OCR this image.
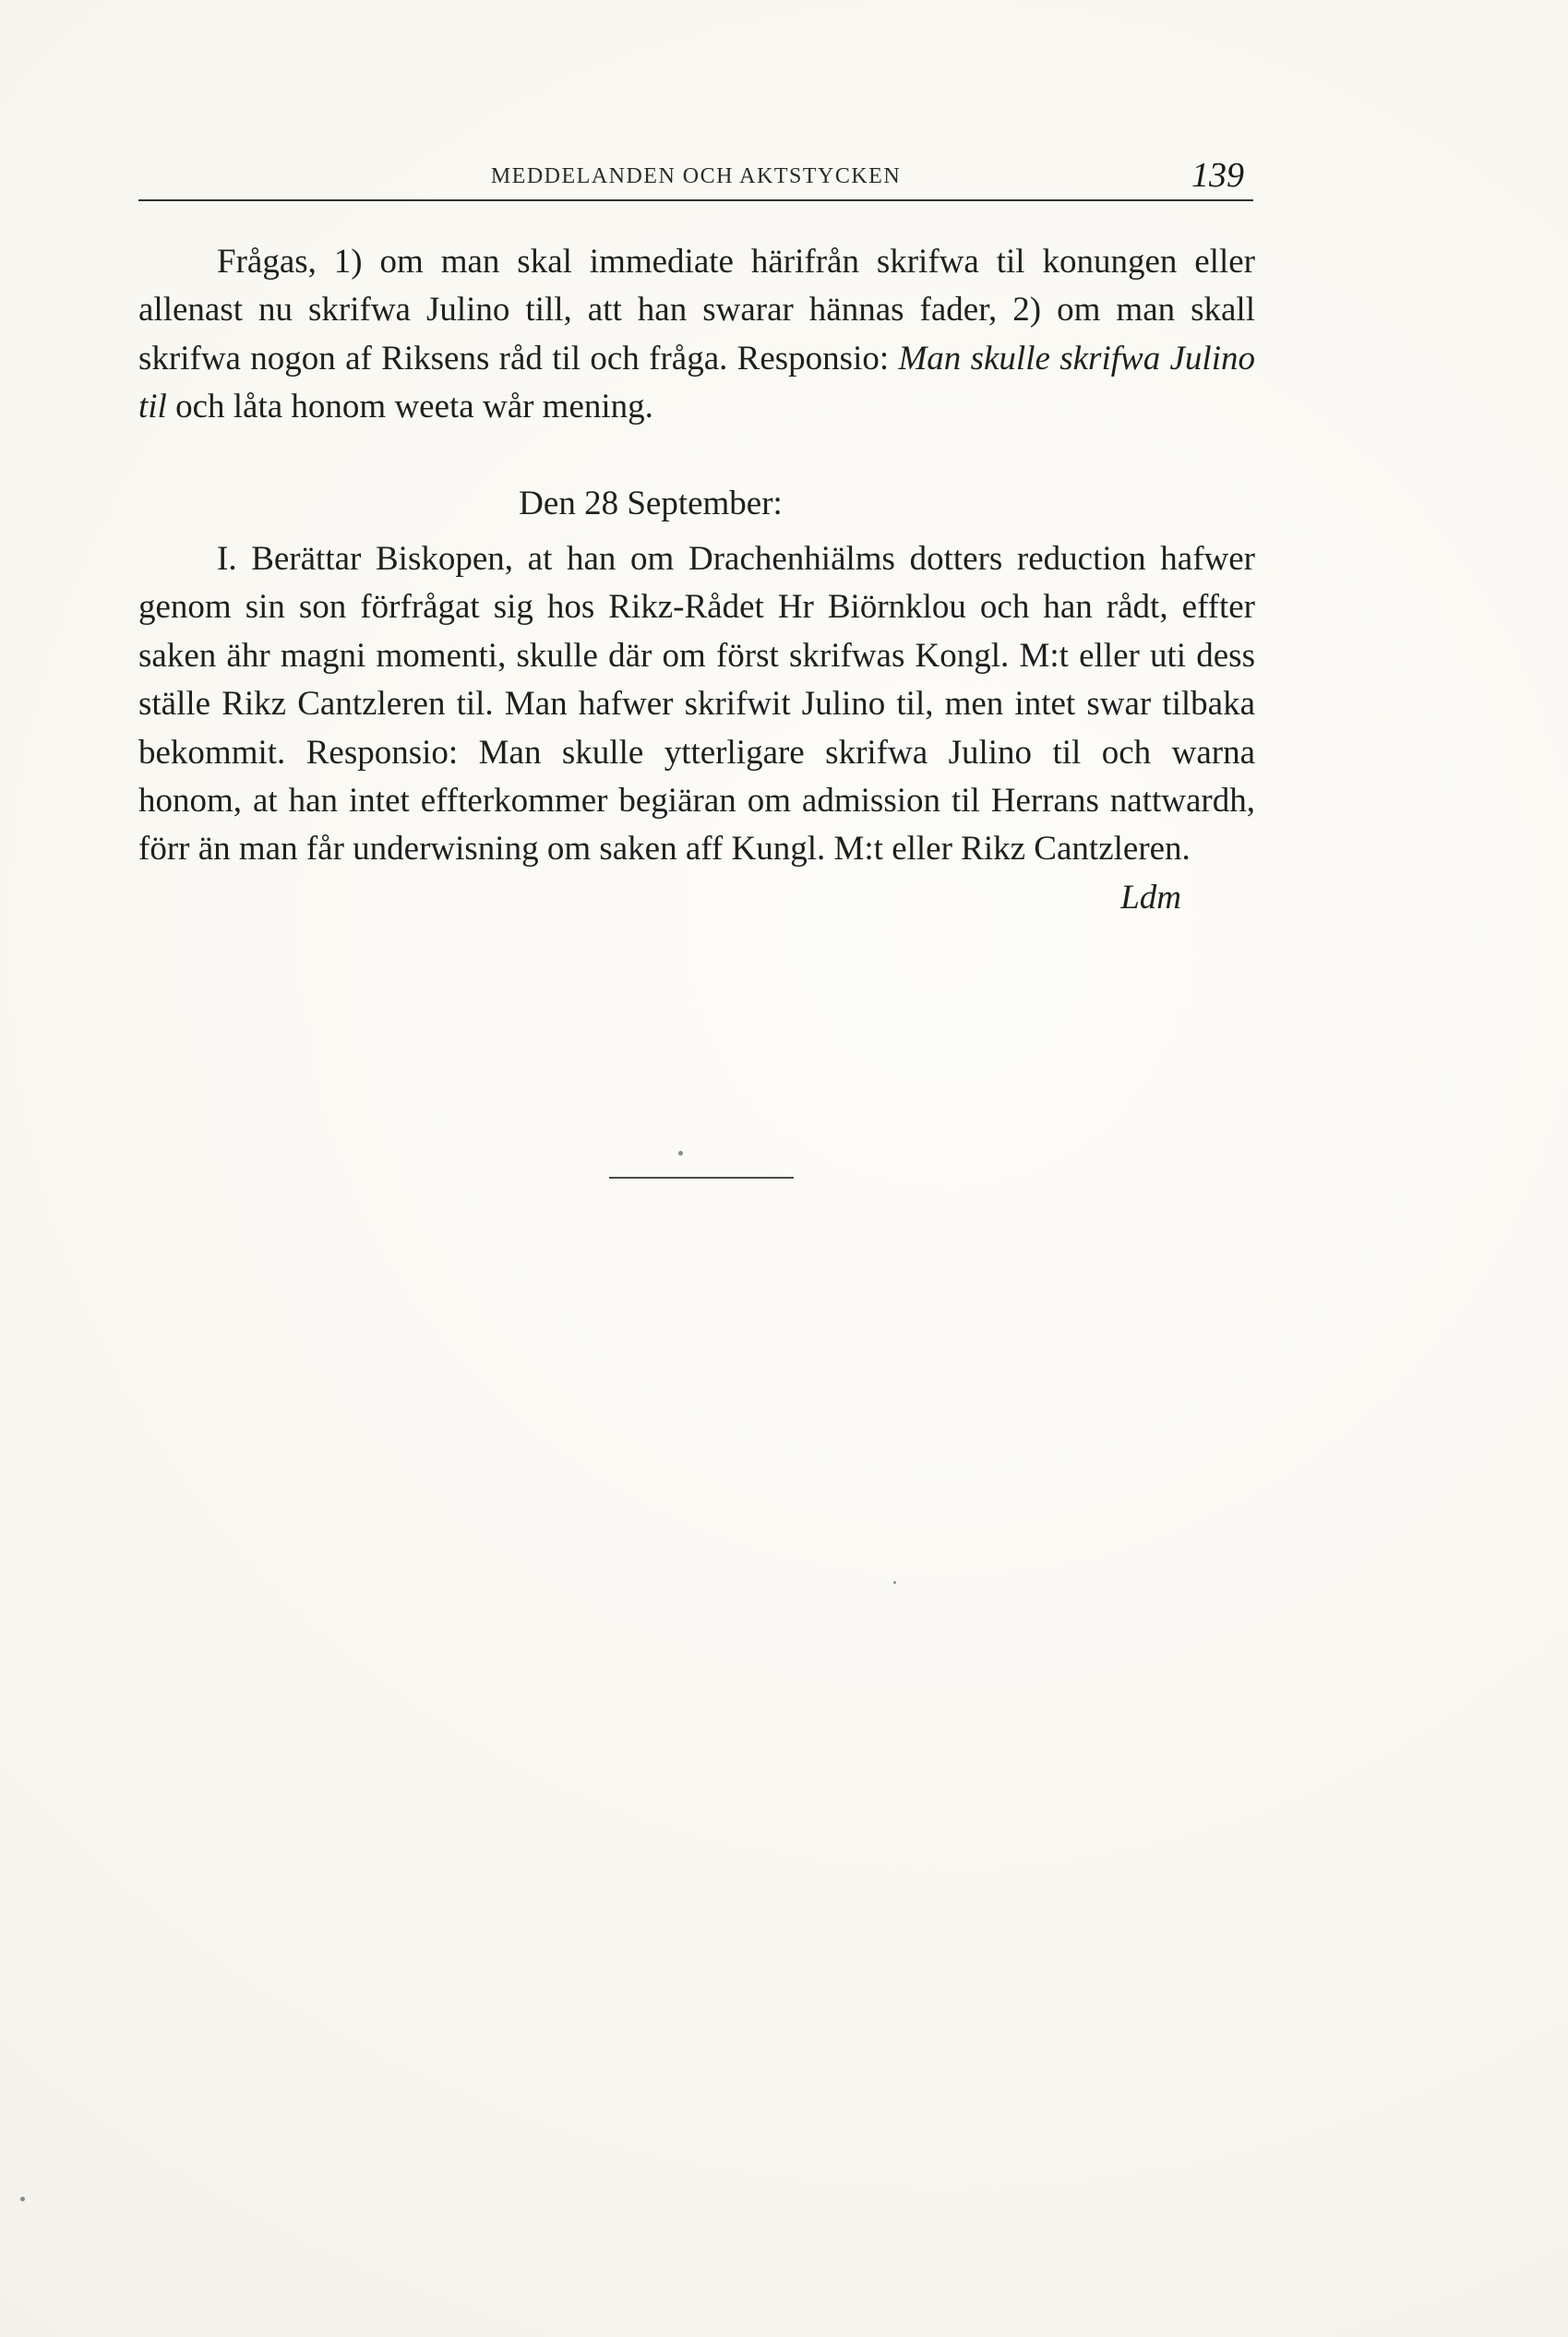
MEDDELANDEN OCH AKTSTYCKEN	139

Frågas, 1) om man skal immediate härifrån skrifwa til konungen eller allenast nu skrifwa Julino till, att han swarar hännas fader, 2) om man skall skrifwa nogon af Riksens råd til och fråga. Responsio: Man skulle skrifwa Julino til och låta honom weeta wår mening.

Den 28 September:

I. Berättar Biskopen, at han om Drachenhiälms dotters reduction hafwer genom sin son förfrågat sig hos Rikz-Rådet Hr Biörnklou och han rådt, effter saken ähr magni momenti, skulle där om först skrifwas Kongl. M:t eller uti dess ställe Rikz Cantzleren til. Man hafwer skrifwit Julino til, men intet swar tilbaka bekommit. Responsio: Man skulle ytterligare skrifwa Julino til och warna honom, at han intet effterkommer begiäran om admission til Herrans nattwardh, förr än man får underwisning om saken aff Kungl. M:t eller Rikz Cantzleren.

Ldm
